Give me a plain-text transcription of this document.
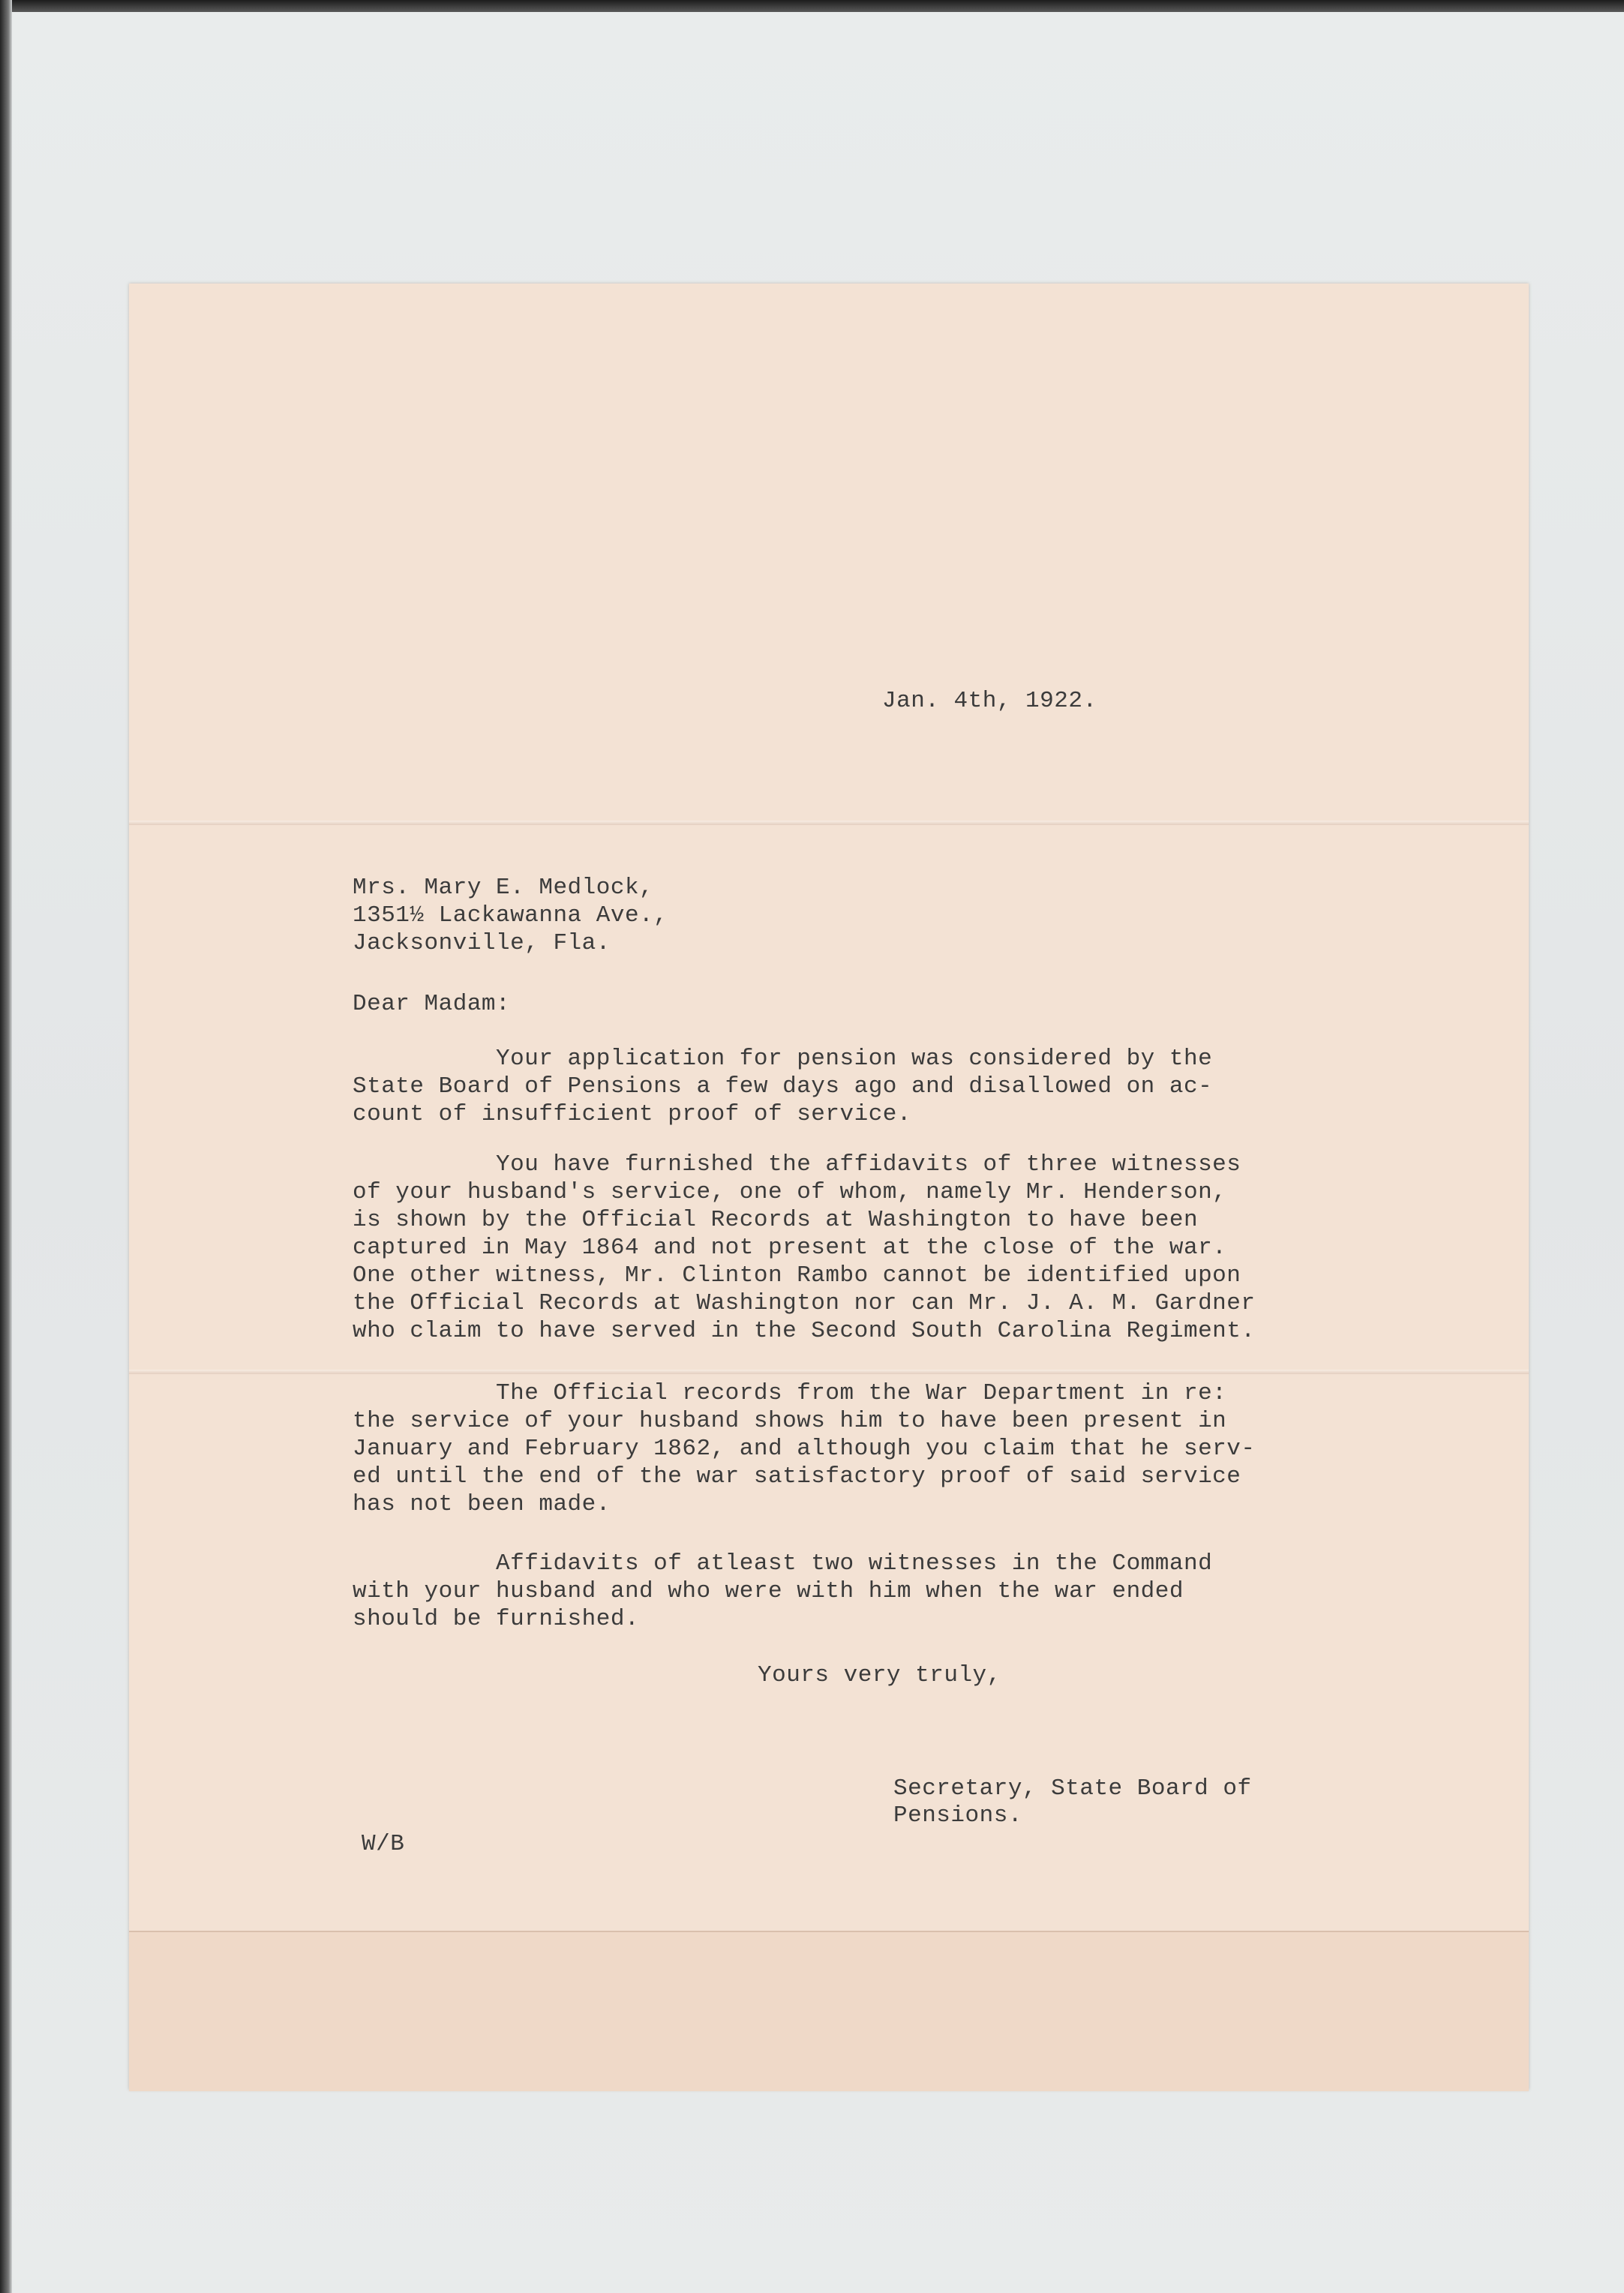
Jan. 4th, 1922.

Mrs. Mary E. Medlock,

1351½ Lackawanna Ave.,

Jacksonville, Fla.

Dear Madam:

Your application for pension was considered by the
State Board of Pensions a few days ago and disallowed on ac-
count of insufficient proof of service.

You have furnished the affidavits of three witnesses
of your husband's service, one of whom, namely Mr. Henderson,
is shown by the Official Records at Washington to have been
captured in May 1864 and not present at the close of the war.
One other witness, Mr. Clinton Rambo cannot be identified upon
the Official Records at Washington nor can Mr. J. A. M. Gardner
who claim to have served in the Second South Carolina Regiment.

The Official records from the War Department in re:
the service of your husband shows him to have been present in
January and February 1862, and although you claim that he serv-
ed until the end of the war satisfactory proof of said service
has not been made.

Affidavits of atleast two witnesses in the Command
with your husband and who were with him when the war ended
should be furnished.

Yours very truly,

Secretary, State Board of

Pensions.

W/B
